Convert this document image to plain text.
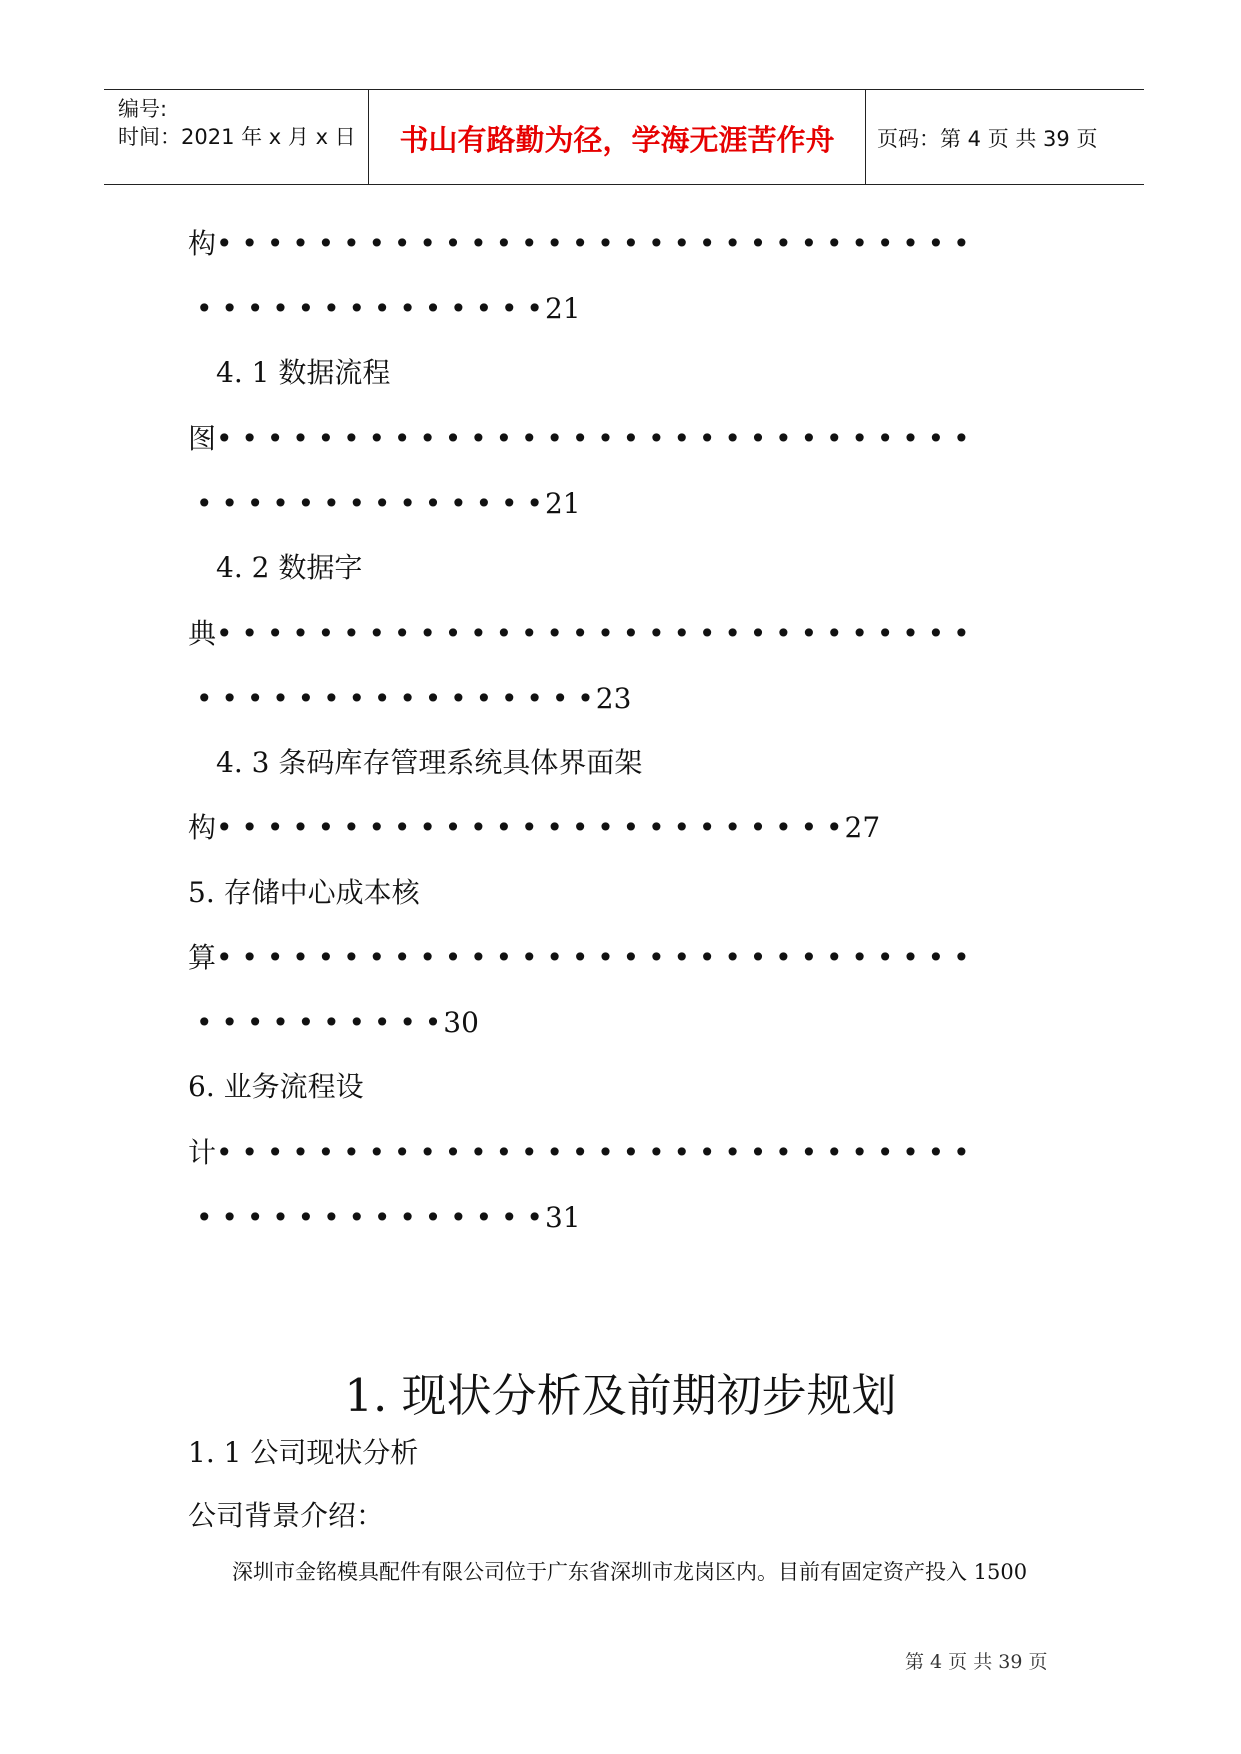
编号:
时间：2021 年 x 月 x 日	书山有路勤为径，学海无涯苦作舟	页码：第 4 页 共 39 页
构• • • • • • • • • • • • • • • • • • • • • • • • • • • • • •
• • • • • • • • • • • • • •21
4. 1 数据流程
图• • • • • • • • • • • • • • • • • • • • • • • • • • • • • •
• • • • • • • • • • • • • •21
4. 2 数据字
典• • • • • • • • • • • • • • • • • • • • • • • • • • • • • •
• • • • • • • • • • • • • • • •23
4. 3 条码库存管理系统具体界面架
构• • • • • • • • • • • • • • • • • • • • • • • • •27
5. 存储中心成本核
算• • • • • • • • • • • • • • • • • • • • • • • • • • • • • •
• • • • • • • • • •30
6. 业务流程设
计• • • • • • • • • • • • • • • • • • • • • • • • • • • • • •
• • • • • • • • • • • • • •31
1. 现状分析及前期初步规划
1. 1 公司现状分析
公司背景介绍：
深圳市金铭模具配件有限公司位于广东省深圳市龙岗区内。目前有固定资产投入 1500
第 4 页 共 39 页
